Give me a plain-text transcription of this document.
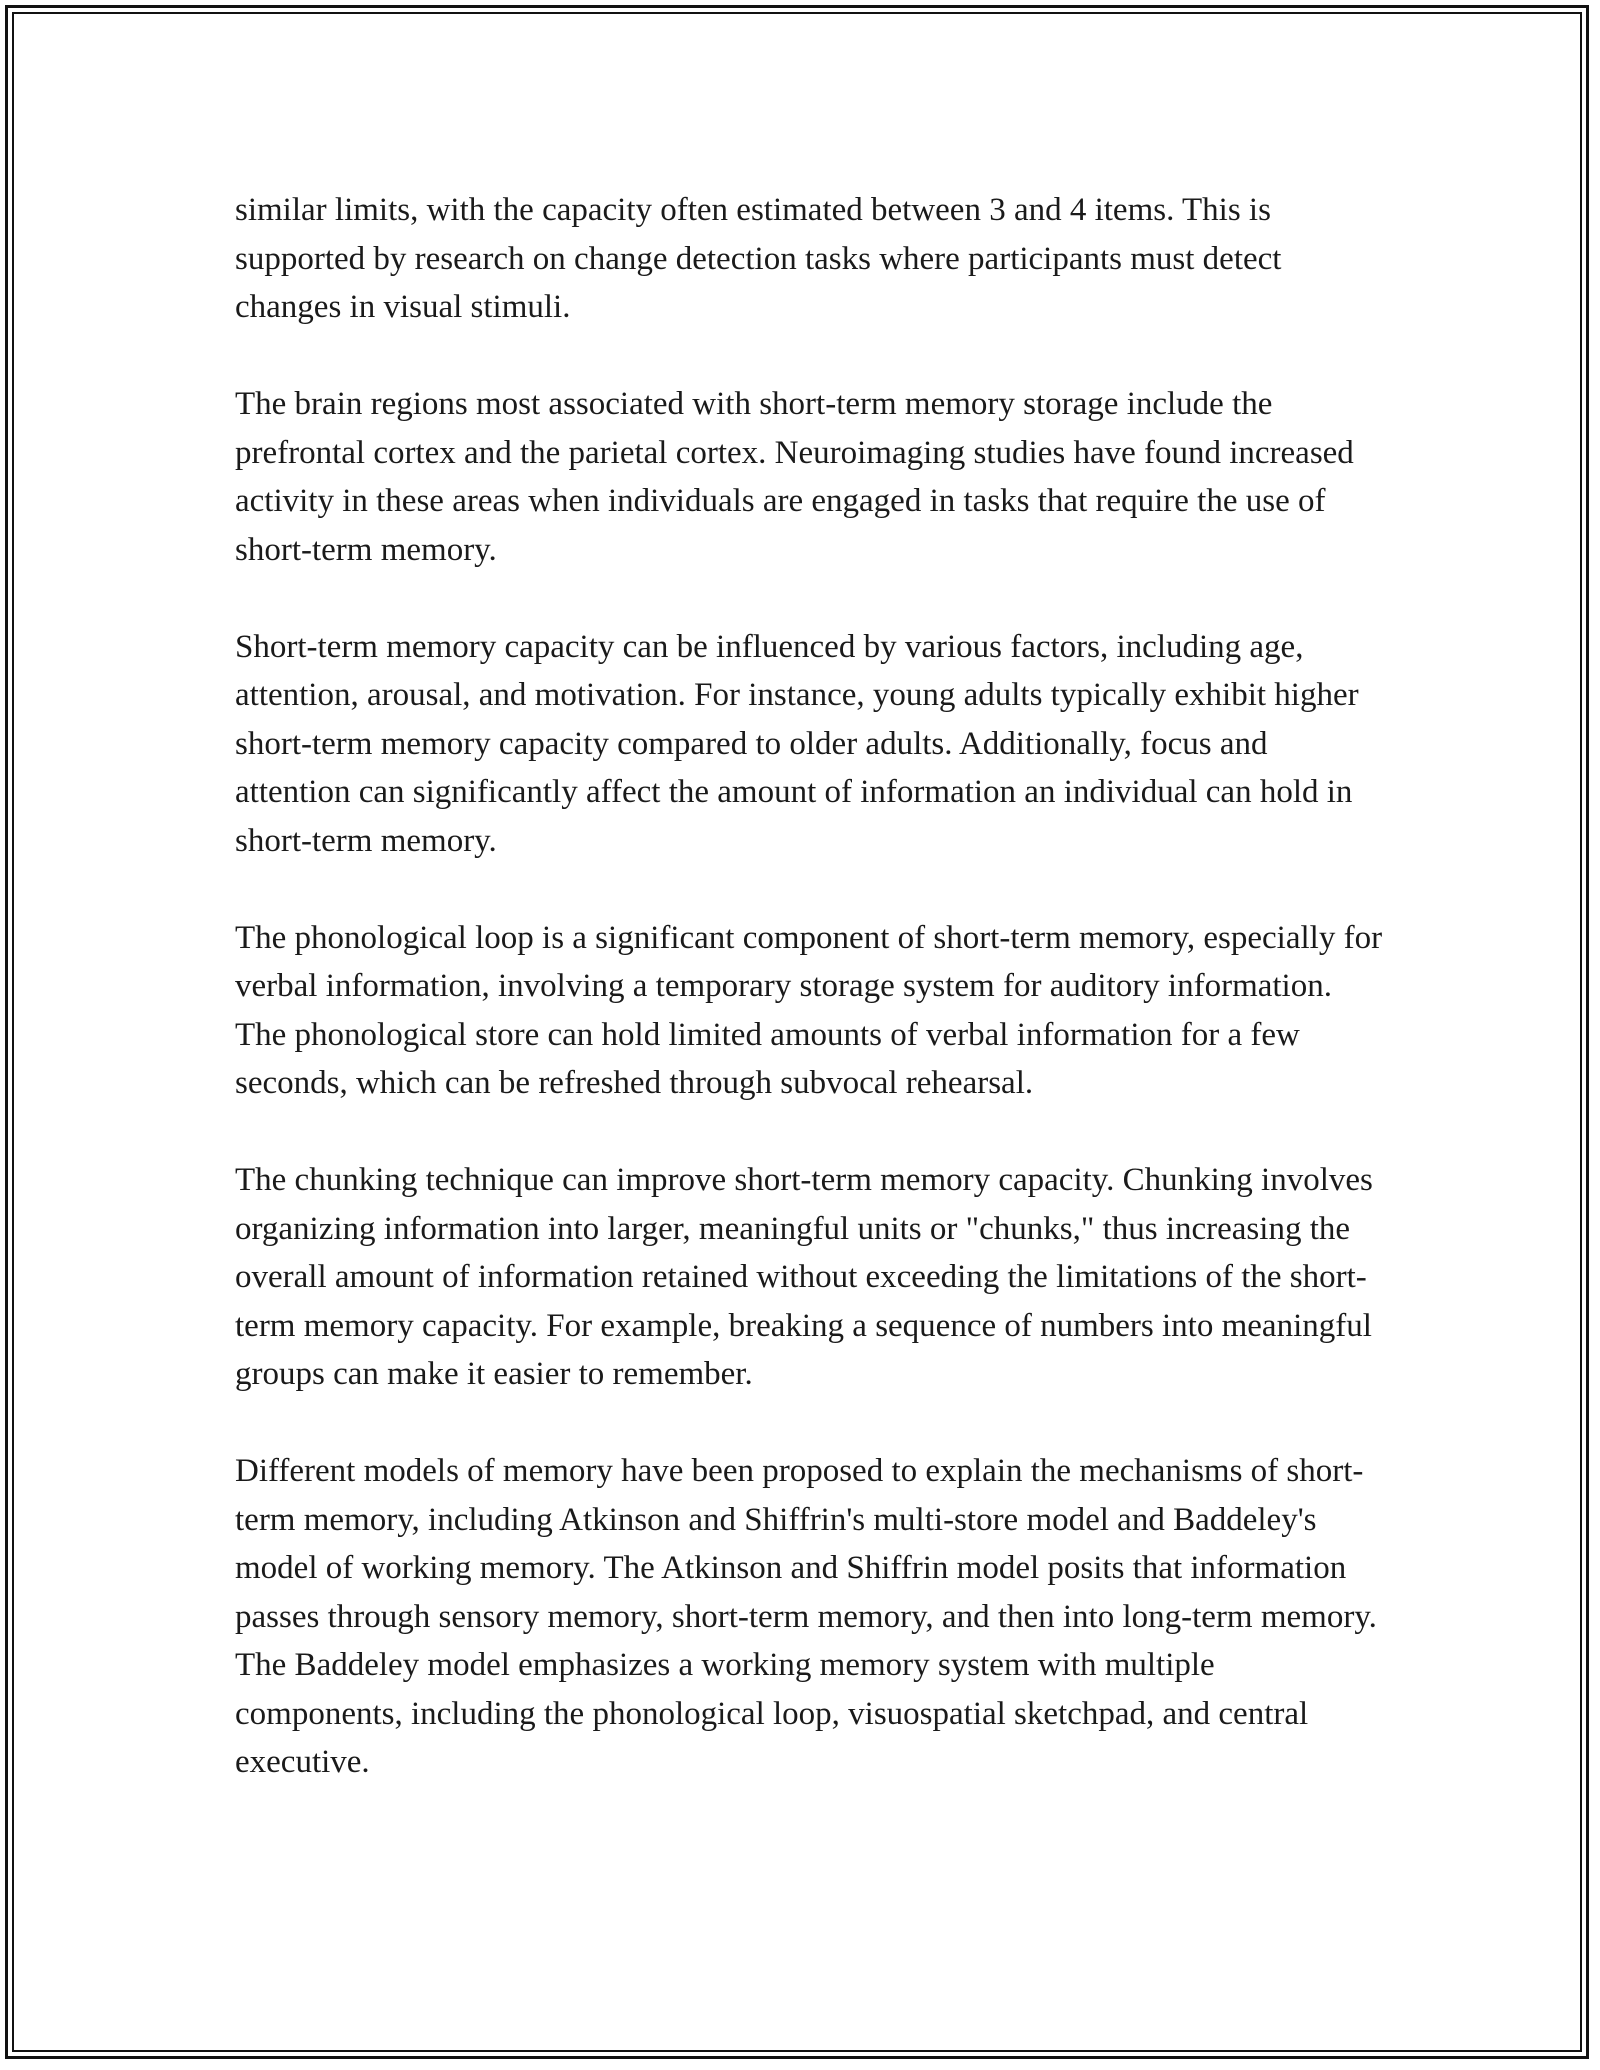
similar limits, with the capacity often estimated between 3 and 4 items. This is supported by research on change detection tasks where participants must detect changes in visual stimuli.

The brain regions most associated with short-term memory storage include the prefrontal cortex and the parietal cortex. Neuroimaging studies have found increased activity in these areas when individuals are engaged in tasks that require the use of short-term memory.

Short-term memory capacity can be influenced by various factors, including age, attention, arousal, and motivation. For instance, young adults typically exhibit higher short-term memory capacity compared to older adults. Additionally, focus and attention can significantly affect the amount of information an individual can hold in short-term memory.

The phonological loop is a significant component of short-term memory, especially for verbal information, involving a temporary storage system for auditory information. The phonological store can hold limited amounts of verbal information for a few seconds, which can be refreshed through subvocal rehearsal.

The chunking technique can improve short-term memory capacity. Chunking involves organizing information into larger, meaningful units or "chunks," thus increasing the overall amount of information retained without exceeding the limitations of the short-term memory capacity. For example, breaking a sequence of numbers into meaningful groups can make it easier to remember.

Different models of memory have been proposed to explain the mechanisms of short-term memory, including Atkinson and Shiffrin's multi-store model and Baddeley's model of working memory. The Atkinson and Shiffrin model posits that information passes through sensory memory, short-term memory, and then into long-term memory. The Baddeley model emphasizes a working memory system with multiple components, including the phonological loop, visuospatial sketchpad, and central executive.
